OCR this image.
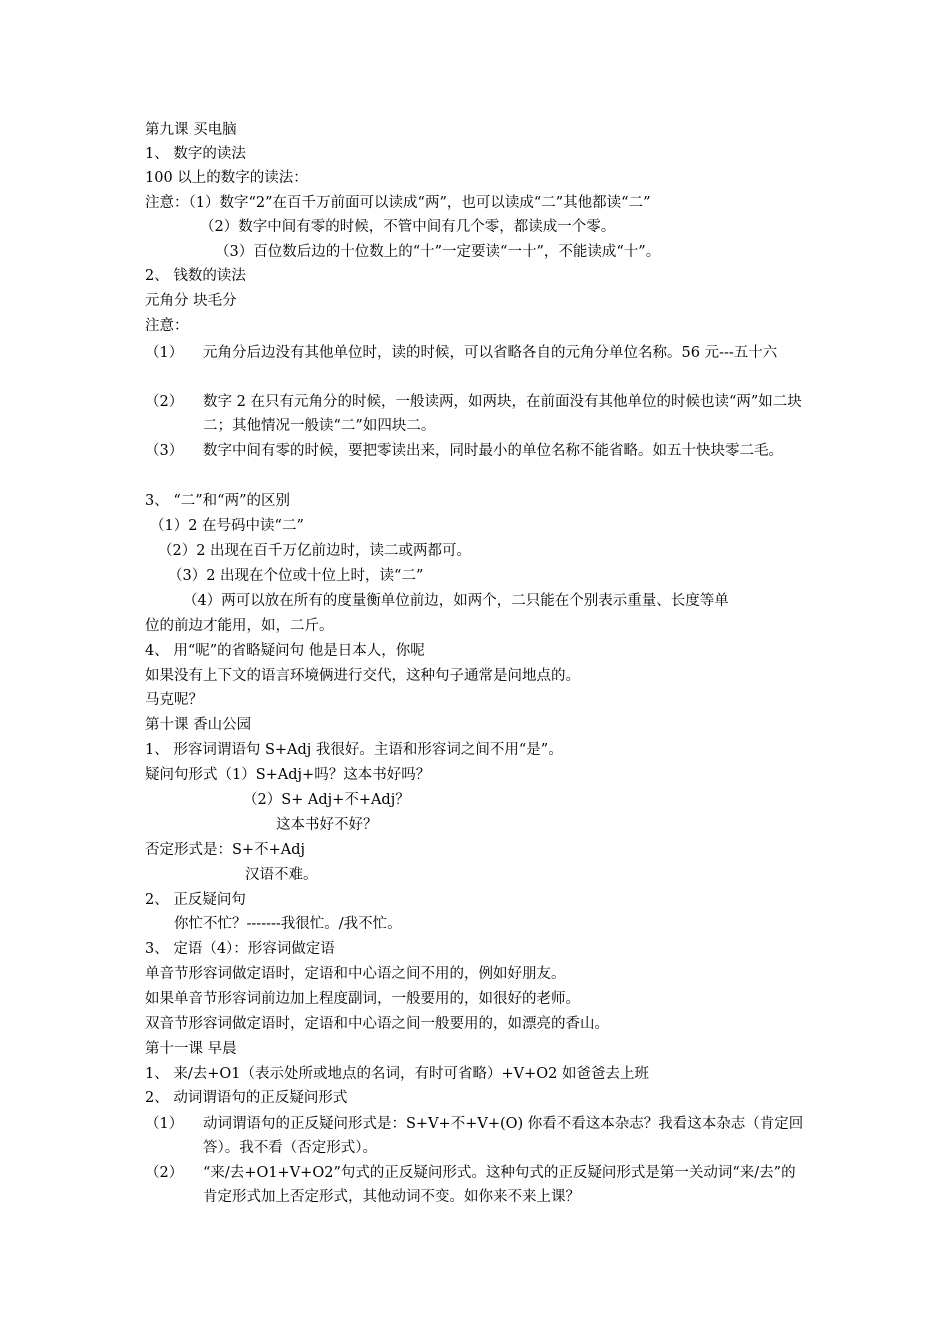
第九课 买电脑
1、 数字的读法
100 以上的数字的读法：
注意：（1）数字“2”在百千万前面可以读成“两”，也可以读成“二”其他都读“二”
（2）数字中间有零的时候，不管中间有几个零，都读成一个零。
（3）百位数后边的十位数上的“十”一定要读“一十”，不能读成“十”。
2、 钱数的读法
元角分 块毛分
注意：
（1） 元角分后边没有其他单位时，读的时候，可以省略各自的元角分单位名称。56 元---五十六
（2） 数字 2 在只有元角分的时候，一般读两，如两块，在前面没有其他单位的时候也读“两”如二块二；其他情况一般读“二”如四块二。
（3） 数字中间有零的时候，要把零读出来，同时最小的单位名称不能省略。如五十快块零二毛。
3、 “二”和“两”的区别
（1）2 在号码中读“二”
（2）2 出现在百千万亿前边时，读二或两都可。
（3）2 出现在个位或十位上时，读“二”
（4）两可以放在所有的度量衡单位前边，如两个，二只能在个别表示重量、长度等单
位的前边才能用，如，二斤。
4、 用“呢”的省略疑问句 他是日本人，你呢
如果没有上下文的语言环境俩进行交代，这种句子通常是问地点的。
马克呢？
第十课 香山公园
1、 形容词谓语句 S+Adj 我很好。主语和形容词之间不用“是”。
疑问句形式（1）S+Adj+吗？这本书好吗？
（2）S+ Adj+不+Adj？
这本书好不好？
否定形式是：S+不+Adj
汉语不难。
2、 正反疑问句
你忙不忙？-------我很忙。/我不忙。
3、 定语（4）：形容词做定语
单音节形容词做定语时，定语和中心语之间不用的，例如好朋友。
如果单音节形容词前边加上程度副词，一般要用的，如很好的老师。
双音节形容词做定语时，定语和中心语之间一般要用的，如漂亮的香山。
第十一课 早晨
1、 来/去+O1（表示处所或地点的名词，有时可省略）+V+O2 如爸爸去上班
2、 动词谓语句的正反疑问形式
（1） 动词谓语句的正反疑问形式是：S+V+不+V+(O) 你看不看这本杂志？我看这本杂志（肯定回答）。我不看（否定形式）。
（2） “来/去+O1+V+O2”句式的正反疑问形式。这种句式的正反疑问形式是第一关动词“来/去”的肯定形式加上否定形式，其他动词不变。如你来不来上课？
